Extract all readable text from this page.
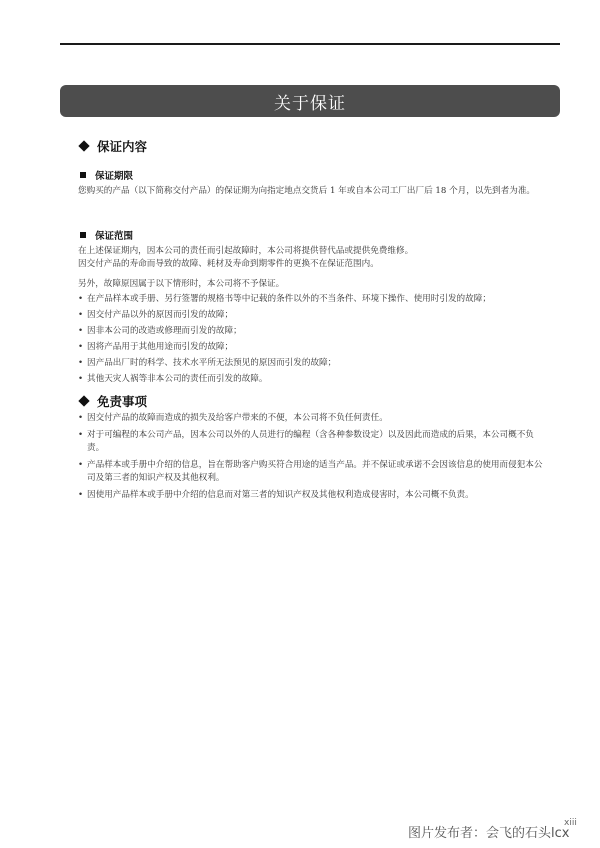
关于保证
保证内容
保证期限
您购买的产品（以下简称交付产品）的保证期为向指定地点交货后 1 年或自本公司工厂出厂后 18 个月，以先到者为准。
保证范围
在上述保证期内，因本公司的责任而引起故障时，本公司将提供替代品或提供免费维修。
因交付产品的寿命而导致的故障、耗材及寿命到期零件的更换不在保证范围内。
另外，故障原因属于以下情形时，本公司将不予保证。
• 在产品样本或手册、另行签署的规格书等中记载的条件以外的不当条件、环境下操作、使用时引发的故障；
• 因交付产品以外的原因而引发的故障；
• 因非本公司的改造或修理而引发的故障；
• 因将产品用于其他用途而引发的故障；
• 因产品出厂时的科学、技术水平所无法预见的原因而引发的故障；
• 其他天灾人祸等非本公司的责任而引发的故障。
免责事项
• 因交付产品的故障而造成的损失及给客户带来的不便，本公司将不负任何责任。
• 对于可编程的本公司产品，因本公司以外的人员进行的编程（含各种参数设定）以及因此而造成的后果，本公司概不负责。
• 产品样本或手册中介绍的信息，旨在帮助客户购买符合用途的适当产品。并不保证或承诺不会因该信息的使用而侵犯本公司及第三者的知识产权及其他权利。
• 因使用产品样本或手册中介绍的信息而对第三者的知识产权及其他权利造成侵害时，本公司概不负责。
xiii
图片发布者：会飞的石头lcx
